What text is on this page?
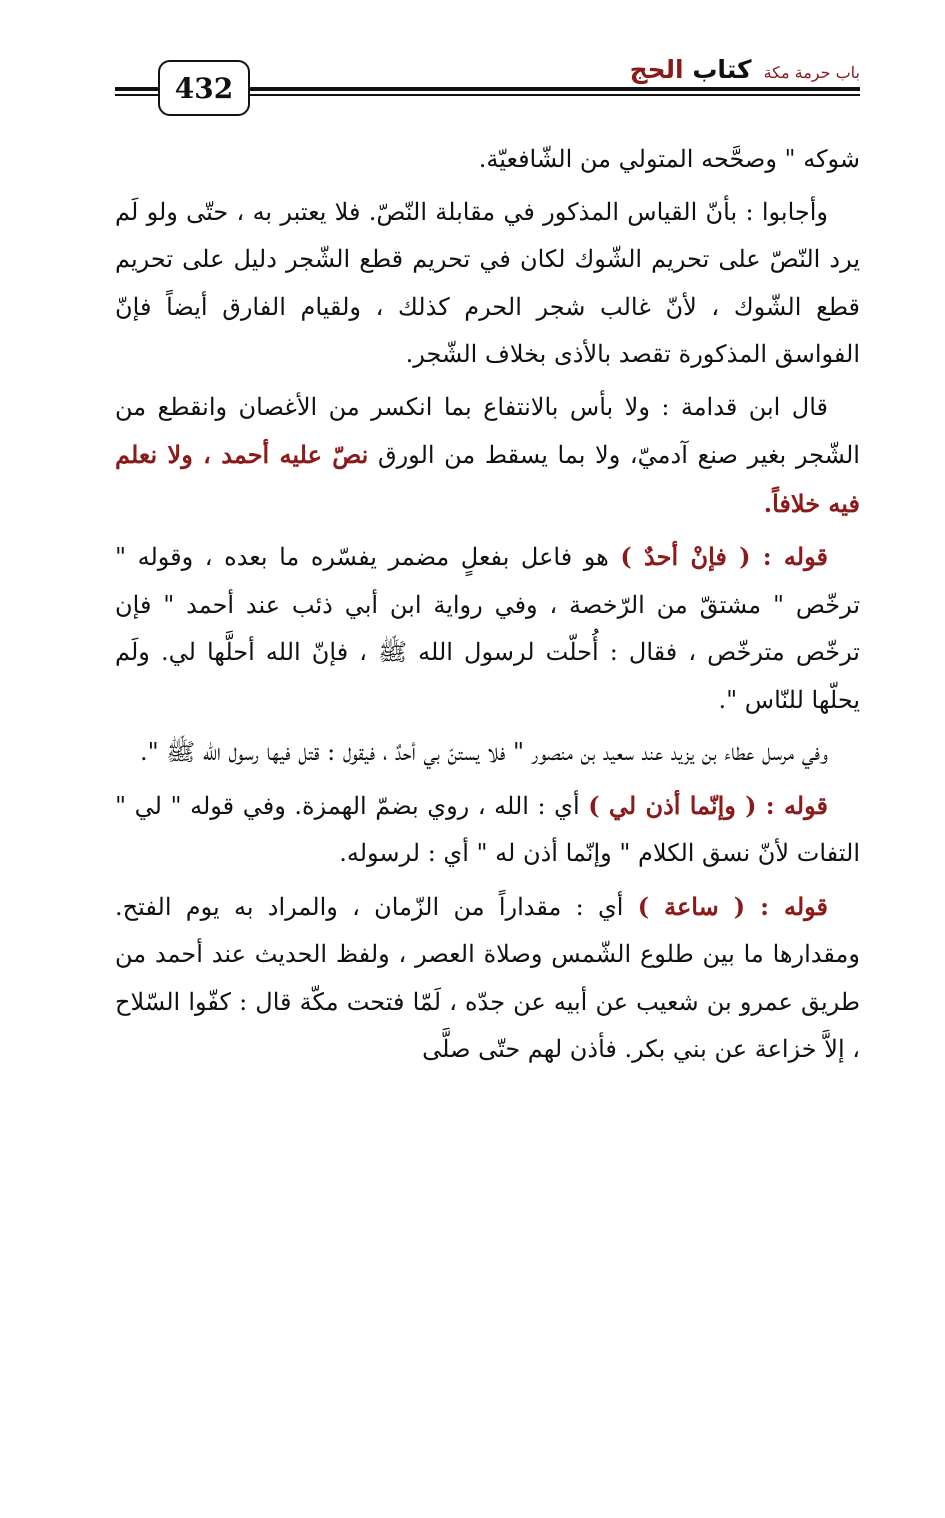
432
كتاب الحج	باب حرمة مكة

شوكه " وصحَّحه المتولي من الشّافعيّة.

وأجابوا : بأنّ القياس المذكور في مقابلة النّصّ. فلا يعتبر به ، حتّى ولو لَم يرد النّصّ على تحريم الشّوك لكان في تحريم قطع الشّجر دليل على تحريم قطع الشّوك ، لأنّ غالب شجر الحرم كذلك ، ولقيام الفارق أيضاً فإنّ الفواسق المذكورة تقصد بالأذى بخلاف الشّجر.

قال ابن قدامة : ولا بأس بالانتفاع بما انكسر من الأغصان وانقطع من الشّجر بغير صنع آدميّ، ولا بما يسقط من الورق نصّ عليه أحمد ، ولا نعلم فيه خلافاً.

قوله : ( فإنْ أحدٌ ) هو فاعل بفعلٍ مضمر يفسّره ما بعده ، وقوله " ترخّص " مشتقّ من الرّخصة ، وفي رواية ابن أبي ذئب عند أحمد " فإن ترخّص مترخّص ، فقال : أُحلّت لرسول الله ﷺ ، فإنّ الله أحلَّها لي. ولَم يحلّها للنّاس ".

وفي مرسل عطاء بن يزيد عند سعيد بن منصور " فلا يستنّ بي أحدٌ ، فيقول : قتل فيها رسول الله ﷺ ".

قوله : ( وإنّما أذن لي ) أي : الله ، روي بضمّ الهمزة. وفي قوله " لي " التفات لأنّ نسق الكلام " وإنّما أذن له " أي : لرسوله.

قوله : ( ساعة ) أي : مقداراً من الزّمان ، والمراد به يوم الفتح. ومقدارها ما بين طلوع الشّمس وصلاة العصر ، ولفظ الحديث عند أحمد من طريق عمرو بن شعيب عن أبيه عن جدّه ، لَمّا فتحت مكّة قال : كفّوا السّلاح ، إلاَّ خزاعة عن بني بكر. فأذن لهم حتّى صلَّى
